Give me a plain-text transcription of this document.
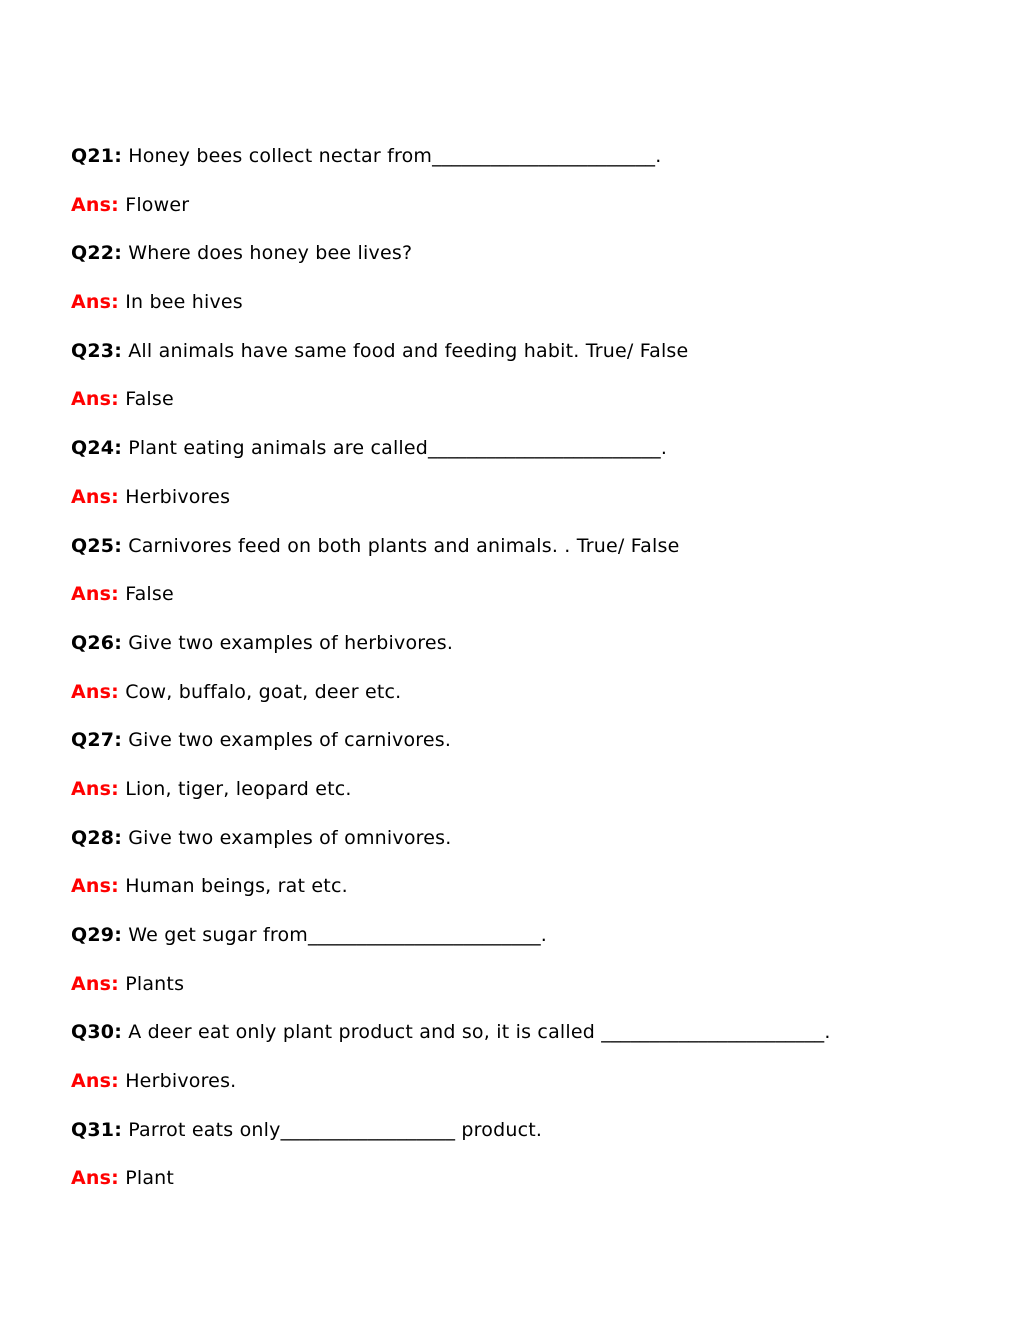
Q21: Honey bees collect nectar from_______________________.
Ans: Flower
Q22: Where does honey bee lives?
Ans: In bee hives
Q23: All animals have same food and feeding habit. True/ False
Ans: False
Q24: Plant eating animals are called________________________.
Ans: Herbivores
Q25: Carnivores feed on both plants and animals. . True/ False
Ans: False
Q26: Give two examples of herbivores.
Ans: Cow, buffalo, goat, deer etc.
Q27: Give two examples of carnivores.
Ans: Lion, tiger, leopard etc.
Q28: Give two examples of omnivores.
Ans: Human beings, rat etc.
Q29: We get sugar from________________________.
Ans: Plants
Q30: A deer eat only plant product and so, it is called _______________________.
Ans: Herbivores.
Q31: Parrot eats only__________________ product.
Ans: Plant
